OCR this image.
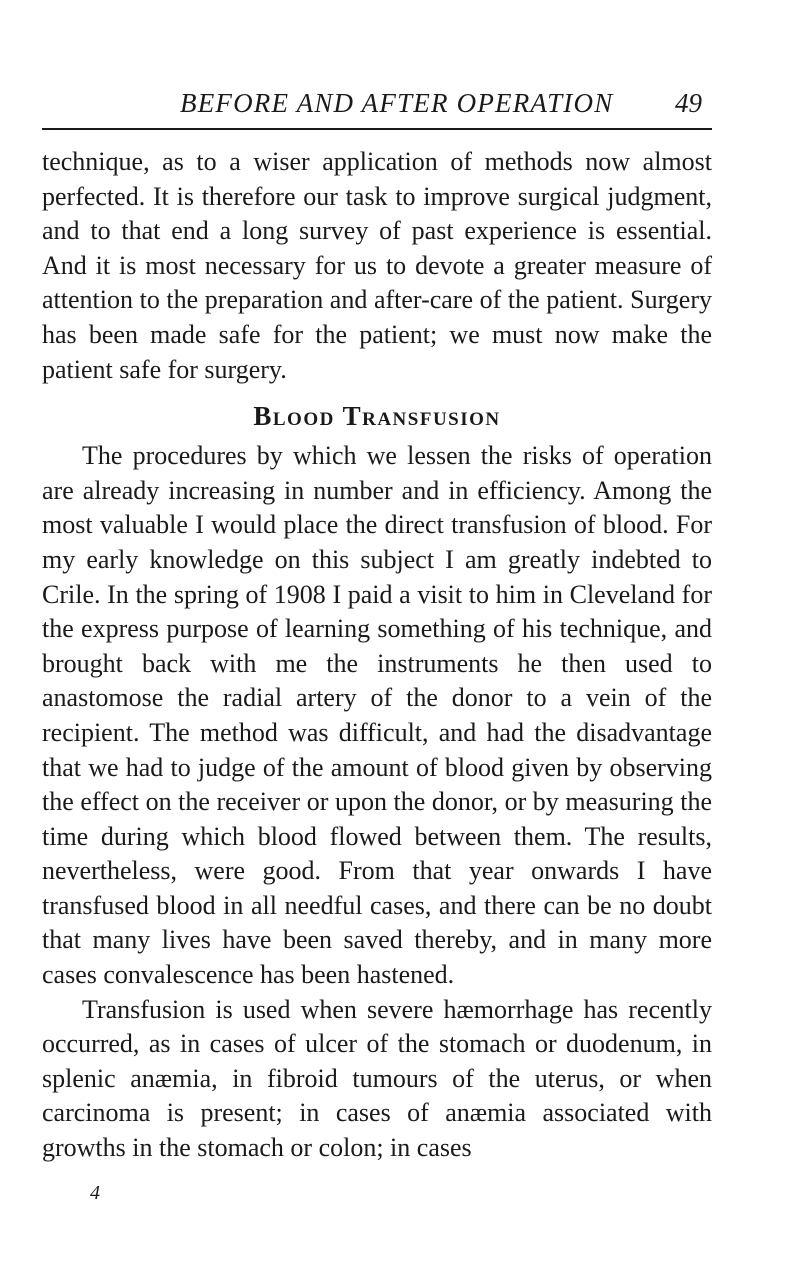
BEFORE AND AFTER OPERATION 49

technique, as to a wiser application of methods now almost perfected. It is therefore our task to improve surgical judgment, and to that end a long survey of past experience is essential. And it is most necessary for us to devote a greater measure of attention to the preparation and after-care of the patient. Surgery has been made safe for the patient; we must now make the patient safe for surgery.

Blood Transfusion

The procedures by which we lessen the risks of operation are already increasing in number and in efficiency. Among the most valuable I would place the direct transfusion of blood. For my early knowledge on this subject I am greatly indebted to Crile. In the spring of 1908 I paid a visit to him in Cleveland for the express purpose of learning something of his technique, and brought back with me the instruments he then used to anastomose the radial artery of the donor to a vein of the recipient. The method was difficult, and had the disadvantage that we had to judge of the amount of blood given by observing the effect on the receiver or upon the donor, or by measuring the time during which blood flowed between them. The results, nevertheless, were good. From that year onwards I have transfused blood in all needful cases, and there can be no doubt that many lives have been saved thereby, and in many more cases convalescence has been hastened.

Transfusion is used when severe hæmorrhage has recently occurred, as in cases of ulcer of the stomach or duodenum, in splenic anæmia, in fibroid tumours of the uterus, or when carcinoma is present; in cases of anæmia associated with growths in the stomach or colon; in cases

4
